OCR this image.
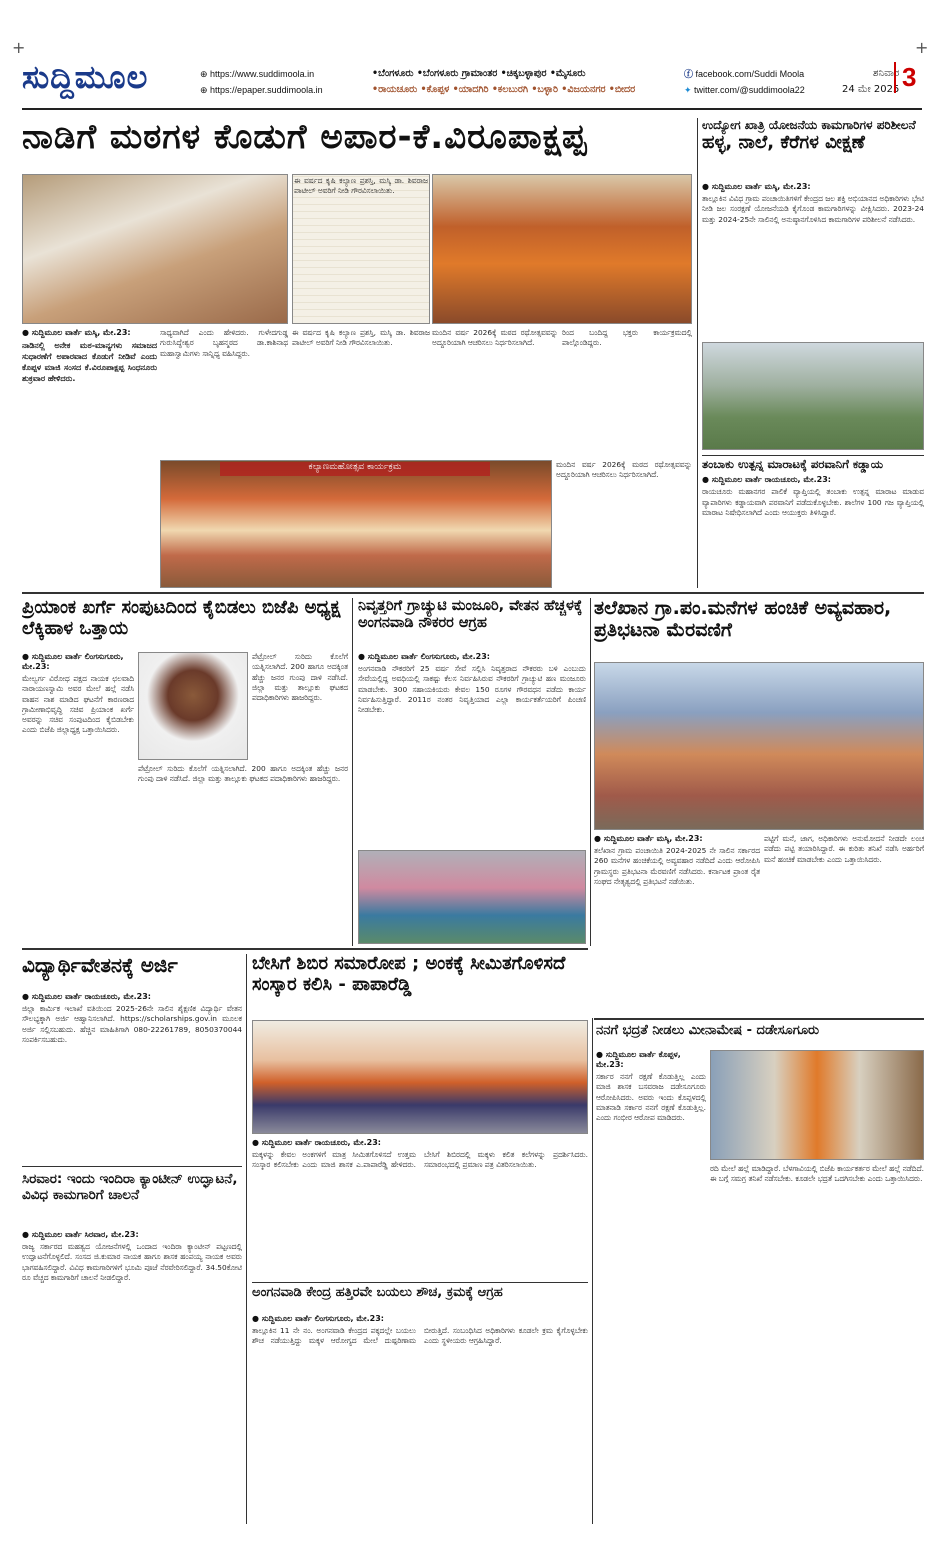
+	+
ಸುದ್ದಿಮೂಲ	⊕ https://www.suddimoola.in
⊕ https://epaper.suddimoola.in
•ಬೆಂಗಳೂರು •ಬೆಂಗಳೂರು ಗ್ರಾಮಾಂತರ •ಚಿಕ್ಕಬಳ್ಳಾಪುರ •ಮೈಸೂರು
•ರಾಯಚೂರು •ಕೊಪ್ಪಳ •ಯಾದಗಿರಿ •ಕಲಬುರಗಿ •ಬಳ್ಳಾರಿ •ವಿಜಯನಗರ •ಬೀದರ
ⓕ facebook.com/Suddi Moola
✦ twitter.com/@suddimoola22
ಶನಿವಾರ
24 ಮೇ 2025 3
ನಾಡಿಗೆ ಮಠಗಳ ಕೊಡುಗೆ ಅಪಾರ-ಕೆ.ವಿರೂಪಾಕ್ಷಪ್ಪ
ಈ ವರ್ಷದ ಕೃಷಿ ಕಲ್ಯಾಣ ಪ್ರಶಸ್ತಿ, ಮಸ್ಕಿ ಡಾ. ಶಿವರಾಜ ಪಾಟೀಲ್ ಅವರಿಗೆ ನೀಡಿ ಗೌರವಿಸಲಾಯಿತು.
● ಸುದ್ದಿಮೂಲ ವಾರ್ತೆ ಮಸ್ಕಿ, ಮೇ.23:
ನಾಡಿನಲ್ಲಿ ಅನೇಕ ಮಠ-ಮಾನ್ಯಗಳು ಸಮಾಜದ ಸುಧಾರಣೆಗೆ ಅಪಾರವಾದ ಕೊಡುಗೆ ನೀಡಿವೆ ಎಂದು ಕೊಪ್ಪಳ ಮಾಜಿ ಸಂಸದ ಕೆ.ವಿರೂಪಾಕ್ಷಪ್ಪ ಸಿಂಧನೂರು ಶುಕ್ರವಾರ ಹೇಳಿದರು.
ಸಾಧ್ಯವಾಗಿದೆ ಎಂದು ಹೇಳಿದರು. ಗುಳೇದಗುಡ್ಡ ಗುರುಸಿದ್ಧೇಶ್ವರ ಬೃಹನ್ಮಠದ ಡಾ.ಕಾಶಿನಾಥ ಮಹಾಸ್ವಾಮಿಗಳು ಸಾನ್ನಿಧ್ಯ ವಹಿಸಿದ್ದರು.
ಈ ವರ್ಷದ ಕೃಷಿ ಕಲ್ಯಾಣ ಪ್ರಶಸ್ತಿ, ಮಸ್ಕಿ ಡಾ. ಶಿವರಾಜ ಪಾಟೀಲ್ ಅವರಿಗೆ ನೀಡಿ ಗೌರವಿಸಲಾಯಿತು.
ಮಂದಿನ ವರ್ಷ 2026ಕ್ಕೆ ಮಠದ ರಥೋತ್ಸವವನ್ನು ಅದ್ದೂರಿಯಾಗಿ ಆಚರಿಸಲು ನಿರ್ಧರಿಸಲಾಗಿದೆ.
ರಿಂದ ಬಂದಿದ್ದ ಭಕ್ತರು ಕಾರ್ಯಕ್ರಮದಲ್ಲಿ ಪಾಲ್ಗೊಂಡಿದ್ದರು.
ಕಲ್ಯಾಣಮಹೋತ್ಸವ ಕಾರ್ಯಕ್ರಮ	ಮಂದಿನ ವರ್ಷ 2026ಕ್ಕೆ ಮಠದ ರಥೋತ್ಸವವನ್ನು ಅದ್ದೂರಿಯಾಗಿ ಆಚರಿಸಲು ನಿರ್ಧರಿಸಲಾಗಿದೆ.
ಉದ್ಯೋಗ ಖಾತ್ರಿ ಯೋಜನೆಯ ಕಾಮಗಾರಿಗಳ ಪರಿಶೀಲನೆ
ಹಳ್ಳ, ನಾಲೆ, ಕೆರೆಗಳ ವೀಕ್ಷಣೆ
● ಸುದ್ದಿಮೂಲ ವಾರ್ತೆ ಮಸ್ಕಿ, ಮೇ.23:
ತಾಲ್ಲೂಕಿನ ವಿವಿಧ ಗ್ರಾಮ ಪಂಚಾಯಿತಿಗಳಿಗೆ ಕೇಂದ್ರದ ಜಲ ಶಕ್ತಿ ಅಭಿಯಾನದ ಅಧಿಕಾರಿಗಳು ಭೇಟಿ ನೀಡಿ ಜಲ ಸಂರಕ್ಷಣೆ ಯೋಜನೆಯಡಿ ಕೈಗೊಂಡ ಕಾಮಗಾರಿಗಳನ್ನು ವೀಕ್ಷಿಸಿದರು. 2023-24 ಮತ್ತು 2024-25ನೇ ಸಾಲಿನಲ್ಲಿ ಅನುಷ್ಠಾನಗೊಳಿಸಿದ ಕಾಮಗಾರಿಗಳ ಪರಿಶೀಲನೆ ನಡೆಸಿದರು.
ತಂಬಾಕು ಉತ್ಪನ್ನ ಮಾರಾಟಕ್ಕೆ ಪರವಾನಿಗೆ ಕಡ್ಡಾಯ
● ಸುದ್ದಿಮೂಲ ವಾರ್ತೆ ರಾಯಚೂರು, ಮೇ.23:
ರಾಯಚೂರು ಮಹಾನಗರ ಪಾಲಿಕೆ ವ್ಯಾಪ್ತಿಯಲ್ಲಿ ತಂಬಾಕು ಉತ್ಪನ್ನ ಮಾರಾಟ ಮಾಡುವ ವ್ಯಾಪಾರಿಗಳು ಕಡ್ಡಾಯವಾಗಿ ಪರವಾನಿಗೆ ಪಡೆದುಕೊಳ್ಳಬೇಕು. ಶಾಲೆಗಳ 100 ಗಜ ವ್ಯಾಪ್ತಿಯಲ್ಲಿ ಮಾರಾಟ ನಿಷೇಧಿಸಲಾಗಿದೆ ಎಂದು ಆಯುಕ್ತರು ತಿಳಿಸಿದ್ದಾರೆ.
ಪ್ರಿಯಾಂಕ ಖರ್ಗೆ ಸಂಪುಟದಿಂದ ಕೈಬಿಡಲು ಬಿಜೆಪಿ ಅಧ್ಯಕ್ಷ ಲೆಕ್ಕಿಹಾಳ ಒತ್ತಾಯ
● ಸುದ್ದಿಮೂಲ ವಾರ್ತೆ ಲಿಂಗಸುಗೂರು, ಮೇ.23:
ಮೇಲ್ವರ್ಗ ವಿರೋಧ ಪಕ್ಷದ ನಾಯಕ ಛಲವಾದಿ ನಾರಾಯಣಸ್ವಾಮಿ ಅವರ ಮೇಲೆ ಹಲ್ಲೆ ನಡೆಸಿ ವಾಹನ ನಾಶ ಮಾಡಿದ ಘಟನೆಗೆ ಕಾರಣರಾದ ಗ್ರಾಮೀಣಾಭಿವೃದ್ಧಿ ಸಚಿವ ಪ್ರಿಯಾಂಕ ಖರ್ಗೆ ಅವರನ್ನು ಸಚಿವ ಸಂಪುಟದಿಂದ ಕೈಬಿಡಬೇಕು ಎಂದು ಬಿಜೆಪಿ ಜಿಲ್ಲಾಧ್ಯಕ್ಷ ಒತ್ತಾಯಿಸಿದರು.
ಪೆಟ್ರೋಲ್ ಸುರಿದು ಕೊಲೆಗೆ ಯತ್ನಿಸಲಾಗಿದೆ. 200 ಹಾಗೂ ಅದಕ್ಕಿಂತ ಹೆಚ್ಚು ಜನರ ಗುಂಪು ದಾಳಿ ನಡೆಸಿದೆ. ಜಿಲ್ಲಾ ಮತ್ತು ತಾಲ್ಲೂಕು ಘಟಕದ ಪದಾಧಿಕಾರಿಗಳು ಹಾಜರಿದ್ದರು.
ಪೆಟ್ರೋಲ್ ಸುರಿದು ಕೊಲೆಗೆ ಯತ್ನಿಸಲಾಗಿದೆ. 200 ಹಾಗೂ ಅದಕ್ಕಿಂತ ಹೆಚ್ಚು ಜನರ ಗುಂಪು ದಾಳಿ ನಡೆಸಿದೆ. ಜಿಲ್ಲಾ ಮತ್ತು ತಾಲ್ಲೂಕು ಘಟಕದ ಪದಾಧಿಕಾರಿಗಳು ಹಾಜರಿದ್ದರು.
ನಿವೃತ್ತರಿಗೆ ಗ್ರಾಚ್ಯುಟಿ ಮಂಜೂರಿ, ವೇತನ ಹೆಚ್ಚಳಕ್ಕೆ ಅಂಗನವಾಡಿ ನೌಕರರ ಆಗ್ರಹ
● ಸುದ್ದಿಮೂಲ ವಾರ್ತೆ ಲಿಂಗಸುಗೂರು, ಮೇ.23:
ಅಂಗನವಾಡಿ ನೌಕರರಿಗೆ 25 ವರ್ಷ ಸೇವೆ ಸಲ್ಲಿಸಿ ನಿವೃತ್ತರಾದ ನೌಕರರು ಬಳಿ ಎಂಬುದು ಸೇವೆಯಲ್ಲಿದ್ದ ಅವಧಿಯಲ್ಲಿ ಸಾಕಷ್ಟು ಕೆಲಸ ನಿರ್ವಹಿಸಿರುವ ನೌಕರರಿಗೆ ಗ್ರಾಚ್ಯುಟಿ ಹಣ ಮಂಜೂರು ಮಾಡಬೇಕು. 300 ಸಹಾಯಕಿಯರು ಕೇವಲ 150 ರೂಗಳ ಗೌರವಧನ ಪಡೆದು ಕಾರ್ಯ ನಿರ್ವಹಿಸುತ್ತಿದ್ದಾರೆ. 2011ರ ನಂತರ ನಿವೃತ್ತಿಯಾದ ಎಲ್ಲಾ ಕಾರ್ಯಕರ್ತೆಯರಿಗೆ ಪಿಂಚಣಿ ನೀಡಬೇಕು.
ತಲೆಖಾನ ಗ್ರಾ.ಪಂ.ಮನೆಗಳ ಹಂಚಿಕೆ ಅವ್ಯವಹಾರ, ಪ್ರತಿಭಟನಾ ಮೆರವಣಿಗೆ
● ಸುದ್ದಿಮೂಲ ವಾರ್ತೆ ಮಸ್ಕಿ, ಮೇ.23:
ತಲೆಖಾನ ಗ್ರಾಮ ಪಂಚಾಯಿತಿ 2024-2025 ನೇ ಸಾಲಿನ ಸರ್ಕಾರದ 260 ಮನೆಗಳ ಹಂಚಿಕೆಯಲ್ಲಿ ಅವ್ಯವಹಾರ ನಡೆದಿದೆ ಎಂದು ಆರೋಪಿಸಿ ಗ್ರಾಮಸ್ಥರು ಪ್ರತಿಭಟನಾ ಮೆರವಣಿಗೆ ನಡೆಸಿದರು. ಕರ್ನಾಟಕ ಪ್ರಾಂತ ರೈತ ಸಂಘದ ನೇತೃತ್ವದಲ್ಲಿ ಪ್ರತಿಭಟನೆ ನಡೆಯಿತು.
ಪಟ್ಟಿಗೆ ಮನೆ, ಜಾಗ, ಅಧಿಕಾರಿಗಳು ಅನುಮೋದನೆ ನೀಡದೇ ಲಂಚ ಪಡೆದು ಪಟ್ಟಿ ತಯಾರಿಸಿದ್ದಾರೆ. ಈ ಕುರಿತು ತನಿಖೆ ನಡೆಸಿ ಅರ್ಹರಿಗೆ ಮನೆ ಹಂಚಿಕೆ ಮಾಡಬೇಕು ಎಂದು ಒತ್ತಾಯಿಸಿದರು.
ವಿದ್ಯಾರ್ಥಿವೇತನಕ್ಕೆ ಅರ್ಜಿ
● ಸುದ್ದಿಮೂಲ ವಾರ್ತೆ ರಾಯಚೂರು, ಮೇ.23:
ಜಿಲ್ಲಾ ಕಾರ್ಮಿಕ ಇಲಾಖೆ ವತಿಯಿಂದ 2025-26ನೇ ಸಾಲಿನ ಶೈಕ್ಷಣಿಕ ವಿದ್ಯಾರ್ಥಿ ವೇತನ ಸೌಲಭ್ಯಕ್ಕಾಗಿ ಅರ್ಜಿ ಆಹ್ವಾನಿಸಲಾಗಿದೆ. https://scholarships.gov.in ಮೂಲಕ ಅರ್ಜಿ ಸಲ್ಲಿಸಬಹುದು. ಹೆಚ್ಚಿನ ಮಾಹಿತಿಗಾಗಿ 080-22261789, 8050370044 ಸಂಪರ್ಕಿಸಬಹುದು.
ಸಿರವಾರ: ಇಂದು ಇಂದಿರಾ ಕ್ಯಾಂಟೀನ್ ಉದ್ಘಾಟನೆ, ವಿವಿಧ ಕಾಮಗಾರಿಗೆ ಚಾಲನೆ
● ಸುದ್ದಿಮೂಲ ವಾರ್ತೆ ಸಿರವಾರ, ಮೇ.23:
ರಾಜ್ಯ ಸರ್ಕಾರದ ಮಹತ್ವದ ಯೋಜನೆಗಳಲ್ಲಿ ಒಂದಾದ ಇಂದಿರಾ ಕ್ಯಾಂಟೀನ್ ಪಟ್ಟಣದಲ್ಲಿ ಉದ್ಘಾಟನೆಗೊಳ್ಳಲಿದೆ. ಸಂಸದ ಜಿ.ಕುಮಾರ ನಾಯಕ ಹಾಗೂ ಶಾಸಕ ಹಂಪಯ್ಯ ನಾಯಕ ಅವರು ಭಾಗವಹಿಸಲಿದ್ದಾರೆ. ವಿವಿಧ ಕಾಮಗಾರಿಗಳಿಗೆ ಭೂಮಿ ಪೂಜೆ ನೆರವೇರಿಸಲಿದ್ದಾರೆ. 34.50ಕೋಟಿ ರೂ ವೆಚ್ಚದ ಕಾಮಗಾರಿಗೆ ಚಾಲನೆ ನೀಡಲಿದ್ದಾರೆ.
ಬೇಸಿಗೆ ಶಿಬಿರ ಸಮಾರೋಪ ; ಅಂಕಕ್ಕೆ ಸೀಮಿತಗೊಳಿಸದೆ ಸಂಸ್ಕಾರ ಕಲಿಸಿ - ಪಾಪಾರೆಡ್ಡಿ
● ಸುದ್ದಿಮೂಲ ವಾರ್ತೆ ರಾಯಚೂರು, ಮೇ.23:
ಮಕ್ಕಳನ್ನು ಕೇವಲ ಅಂಕಗಳಿಗೆ ಮಾತ್ರ ಸೀಮಿತಗೊಳಿಸದೆ ಉತ್ತಮ ಸಂಸ್ಕಾರ ಕಲಿಸಬೇಕು ಎಂದು ಮಾಜಿ ಶಾಸಕ ಎ.ಪಾಪಾರೆಡ್ಡಿ ಹೇಳಿದರು. ಬೇಸಿಗೆ ಶಿಬಿರದಲ್ಲಿ ಮಕ್ಕಳು ಕಲಿತ ಕಲೆಗಳನ್ನು ಪ್ರದರ್ಶಿಸಿದರು. ಸಮಾರಂಭದಲ್ಲಿ ಪ್ರಮಾಣ ಪತ್ರ ವಿತರಿಸಲಾಯಿತು.
ಅಂಗನವಾಡಿ ಕೇಂದ್ರ ಹತ್ತಿರವೇ ಬಯಲು ಶೌಚ, ಕ್ರಮಕ್ಕೆ ಆಗ್ರಹ
● ಸುದ್ದಿಮೂಲ ವಾರ್ತೆ ಲಿಂಗಸುಗೂರು, ಮೇ.23:
ತಾಲ್ಲೂಕಿನ 11 ನೇ ನಂ. ಅಂಗನವಾಡಿ ಕೇಂದ್ರದ ಪಕ್ಕದಲ್ಲೇ ಬಯಲು ಶೌಚ ನಡೆಯುತ್ತಿದ್ದು ಮಕ್ಕಳ ಆರೋಗ್ಯದ ಮೇಲೆ ದುಷ್ಪರಿಣಾಮ ಬೀರುತ್ತಿದೆ. ಸಂಬಂಧಿಸಿದ ಅಧಿಕಾರಿಗಳು ಕೂಡಲೇ ಕ್ರಮ ಕೈಗೊಳ್ಳಬೇಕು ಎಂದು ಸ್ಥಳೀಯರು ಆಗ್ರಹಿಸಿದ್ದಾರೆ.
ನನಗೆ ಭದ್ರತೆ ನೀಡಲು ಮೀನಾಮೇಷ - ದಡೇಸೂಗೂರು
● ಸುದ್ದಿಮೂಲ ವಾರ್ತೆ ಕೊಪ್ಪಳ, ಮೇ.23:
ಸರ್ಕಾರ ನನಗೆ ರಕ್ಷಣೆ ಕೊಡುತ್ತಿಲ್ಲ ಎಂದು ಮಾಜಿ ಶಾಸಕ ಬಸವರಾಜ ದಡೇಸೂಗೂರು ಆರೋಪಿಸಿದರು. ಅವರು ಇಂದು ಕೊಪ್ಪಳದಲ್ಲಿ ಮಾತನಾಡಿ ಸರ್ಕಾರ ನನಗೆ ರಕ್ಷಣೆ ಕೊಡುತ್ತಿಲ್ಲ. ಎಂದು ಗಂಭೀರ ಆರೋಪ ಮಾಡಿದರು.
ರದಿ ಮೇಲೆ ಹಲ್ಲೆ ಮಾಡಿದ್ದಾರೆ. ಬೆಳಗಾವಿಯಲ್ಲಿ ಬಿಜೆಪಿ ಕಾರ್ಯಕರ್ತರ ಮೇಲೆ ಹಲ್ಲೆ ನಡೆದಿದೆ. ಈ ಬಗ್ಗೆ ಸಮಗ್ರ ತನಿಖೆ ನಡೆಸಬೇಕು. ಕೂಡಲೇ ಭದ್ರತೆ ಒದಗಿಸಬೇಕು ಎಂದು ಒತ್ತಾಯಿಸಿದರು.
